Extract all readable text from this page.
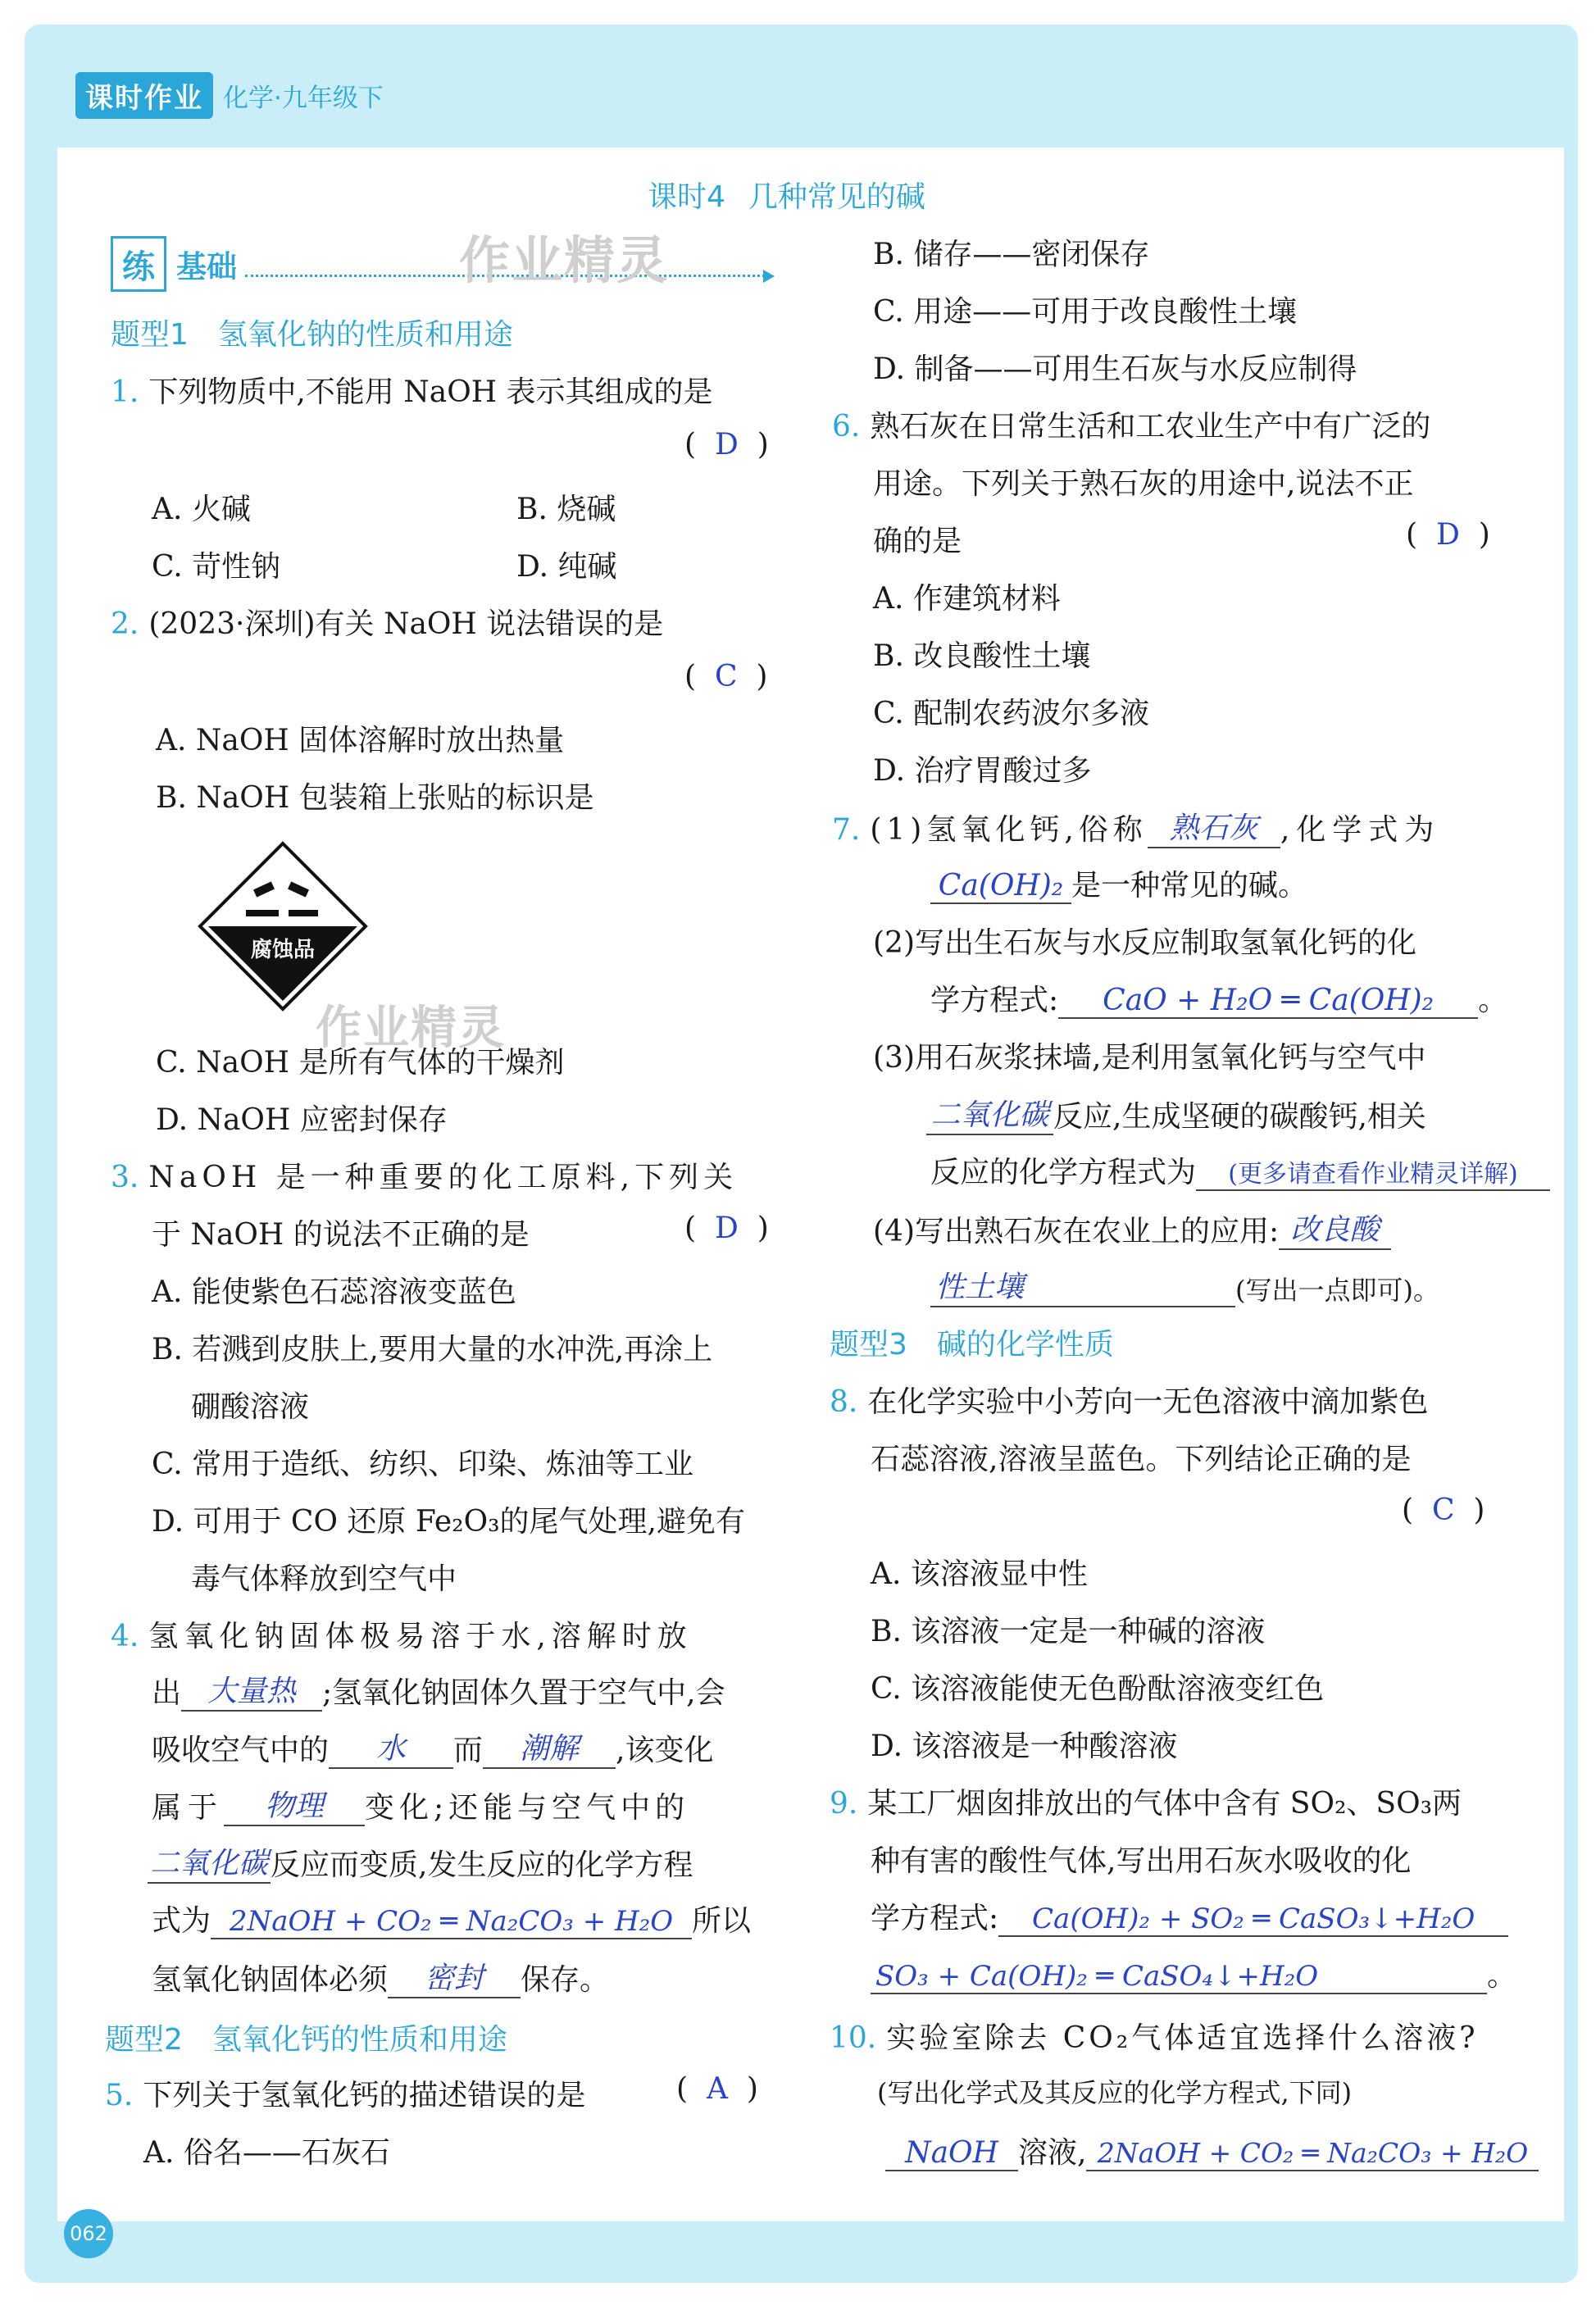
课时作业 化学·九年级下
课时4 几种常见的碱
练 基础	作业精灵
作业精灵
题型1　氢氧化钠的性质和用途
1. 下列物质中,不能用 NaOH 表示其组成的是
(  D  )
A. 火碱	B. 烧碱
C. 苛性钠	D. 纯碱
2. (2023·深圳)有关 NaOH 说法错误的是
(  C  )
A. NaOH 固体溶解时放出热量
B. NaOH 包装箱上张贴的标识是
腐蚀品
C. NaOH 是所有气体的干燥剂
D. NaOH 应密封保存
3. NaOH 是一种重要的化工原料,下列关
于 NaOH 的说法不正确的是	(  D  )
A. 能使紫色石蕊溶液变蓝色
B. 若溅到皮肤上,要用大量的水冲洗,再涂上
硼酸溶液
C. 常用于造纸、纺织、印染、炼油等工业
D. 可用于 CO 还原 Fe₂O₃的尾气处理,避免有
毒气体释放到空气中
4. 氢氧化钠固体极易溶于水,溶解时放
出 大量热 ;氢氧化钠固体久置于空气中,会
吸收空气中的 水 而 潮解 ,该变化
属于 物理 变化;还能与空气中的
二氧化碳反应而变质,发生反应的化学方程
式为 2NaOH + CO₂ ═ Na₂CO₃ + H₂O 所以
氢氧化钠固体必须 密封 保存。
题型2　氢氧化钙的性质和用途
5. 下列关于氢氧化钙的描述错误的是	(  A  )
A. 俗名——石灰石
B. 储存——密闭保存
C. 用途——可用于改良酸性土壤
D. 制备——可用生石灰与水反应制得
6. 熟石灰在日常生活和工农业生产中有广泛的
用途。下列关于熟石灰的用途中,说法不正
确的是	(  D  )
A. 作建筑材料
B. 改良酸性土壤
C. 配制农药波尔多液
D. 治疗胃酸过多
7. (1)氢氧化钙,俗称 熟石灰 ,化学式为
Ca(OH)₂ 是一种常见的碱。
(2)写出生石灰与水反应制取氢氧化钙的化
学方程式: CaO + H₂O ═ Ca(OH)₂ 。
(3)用石灰浆抹墙,是利用氢氧化钙与空气中
二氧化碳 反应,生成坚硬的碳酸钙,相关
反应的化学方程式为 (更多请查看作业精灵详解)
(4)写出熟石灰在农业上的应用: 改良酸
性土壤	(写出一点即可)。
题型3　碱的化学性质
8. 在化学实验中小芳向一无色溶液中滴加紫色
石蕊溶液,溶液呈蓝色。下列结论正确的是
(  C  )
A. 该溶液显中性
B. 该溶液一定是一种碱的溶液
C. 该溶液能使无色酚酞溶液变红色
D. 该溶液是一种酸溶液
9. 某工厂烟囱排放出的气体中含有 SO₂、SO₃两
种有害的酸性气体,写出用石灰水吸收的化
学方程式: Ca(OH)₂ + SO₂ ═ CaSO₃↓+H₂O
SO₃ + Ca(OH)₂ ═ CaSO₄↓+H₂O	。
10. 实验室除去 CO₂气体适宜选择什么溶液?
(写出化学式及其反应的化学方程式,下同)
NaOH 溶液, 2NaOH + CO₂ ═ Na₂CO₃ + H₂O
062
